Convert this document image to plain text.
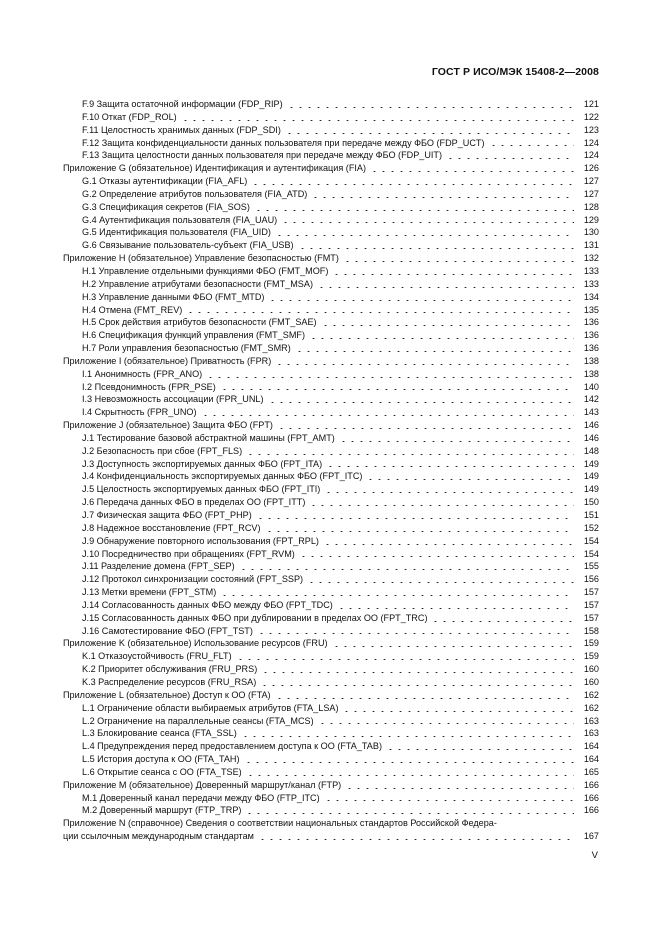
ГОСТ Р ИСО/МЭК 15408-2—2008
F.9 Защита остаточной информации (FDP_RIP)	121
F.10 Откат (FDP_ROL)	122
F.11 Целостность хранимых данных (FDP_SDI)	123
F.12 Защита конфиденциальности данных пользователя при передаче между ФБО (FDP_UCT)	124
F.13 Защита целостности данных пользователя при передаче между ФБО (FDP_UIT)	124
Приложение G (обязательное) Идентификация и аутентификация (FIA)	126
G.1 Отказы аутентификации (FIA_AFL)	127
G.2 Определение атрибутов пользователя (FIA_ATD)	127
G.3 Спецификация секретов (FIA_SOS)	128
G.4 Аутентификация пользователя (FIA_UAU)	129
G.5 Идентификация пользователя (FIA_UID)	130
G.6 Связывание пользователь-субъект (FIA_USB)	131
Приложение H (обязательное) Управление безопасностью (FMT)	132
H.1 Управление отдельными функциями ФБО (FMT_MOF)	133
H.2 Управление атрибутами безопасности (FMT_MSA)	133
H.3 Управление данными ФБО (FMT_MTD)	134
H.4 Отмена (FMT_REV)	135
H.5 Срок действия атрибутов безопасности (FMT_SAE)	136
H.6 Спецификация функций управления (FMT_SMF)	136
H.7 Роли управления безопасностью (FMT_SMR)	136
Приложение I (обязательное) Приватность (FPR)	138
I.1 Анонимность (FPR_ANO)	138
I.2 Псевдонимность (FPR_PSE)	140
I.3 Невозможность ассоциации (FPR_UNL)	142
I.4 Скрытность (FPR_UNO)	143
Приложение J (обязательное) Защита ФБО (FPT)	146
J.1 Тестирование базовой абстрактной машины (FPT_AMT)	146
J.2 Безопасность при сбое (FPT_FLS)	148
J.3 Доступность экспортируемых данных ФБО (FPT_ITA)	149
J.4 Конфиденциальность экспортируемых данных ФБО (FPT_ITC)	149
J.5 Целостность экспортируемых данных ФБО (FPT_ITI)	149
J.6 Передача данных ФБО в пределах ОО (FPT_ITT)	150
J.7 Физическая защита ФБО (FPT_PHP)	151
J.8 Надежное восстановление (FPT_RCV)	152
J.9 Обнаружение повторного использования (FPT_RPL)	154
J.10 Посредничество при обращениях (FPT_RVM)	154
J.11 Разделение домена (FPT_SEP)	155
J.12 Протокол синхронизации состояний (FPT_SSP)	156
J.13 Метки времени (FPT_STM)	157
J.14 Согласованность данных ФБО между ФБО (FPT_TDC)	157
J.15 Согласованность данных ФБО при дублировании в пределах ОО (FPT_TRC)	157
J.16 Самотестирование ФБО (FPT_TST)	158
Приложение K (обязательное) Использование ресурсов (FRU)	159
K.1 Отказоустойчивость (FRU_FLT)	159
K.2 Приоритет обслуживания (FRU_PRS)	160
K.3 Распределение ресурсов (FRU_RSA)	160
Приложение L (обязательное) Доступ к ОО (FTA)	162
L.1 Ограничение области выбираемых атрибутов (FTA_LSA)	162
L.2 Ограничение на параллельные сеансы (FTA_MCS)	163
L.3 Блокирование сеанса (FTA_SSL)	163
L.4 Предупреждения перед предоставлением доступа к ОО (FTA_TAB)	164
L.5 История доступа к ОО (FTA_TAH)	164
L.6 Открытие сеанса с ОО (FTA_TSE)	165
Приложение M (обязательное) Доверенный маршрут/канал (FTP)	166
M.1 Доверенный канал передачи между ФБО (FTP_ITC)	166
M.2 Доверенный маршрут (FTP_TRP)	166
Приложение N (справочное) Сведения о соответствии национальных стандартов Российской Федера-
ции ссылочным международным стандартам	167
V
